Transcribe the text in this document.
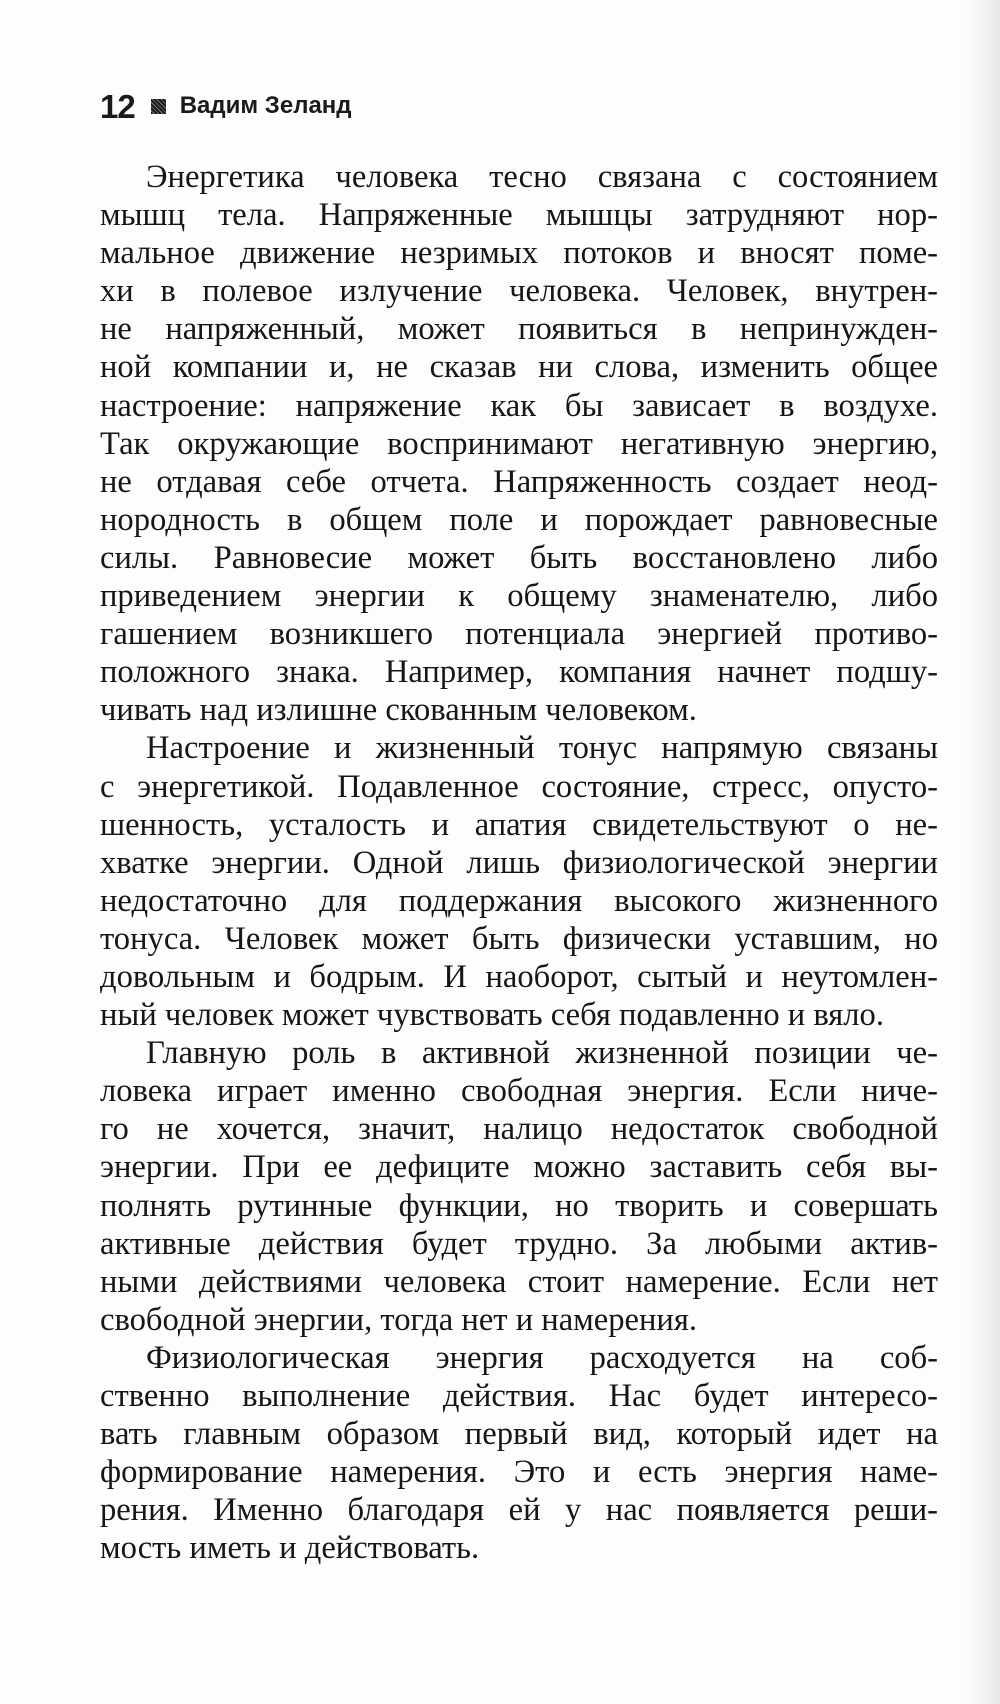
12 Вадим Зеланд
Энергетика человека тесно связана с состоянием
мышц тела. Напряженные мышцы затрудняют нор-
мальное движение незримых потоков и вносят поме-
хи в полевое излучение человека. Человек, внутрен-
не напряженный, может появиться в непринужден-
ной компании и, не сказав ни слова, изменить общее
настроение: напряжение как бы зависает в воздухе.
Так окружающие воспринимают негативную энергию,
не отдавая себе отчета. Напряженность создает неод-
нородность в общем поле и порождает равновесные
силы. Равновесие может быть восстановлено либо
приведением энергии к общему знаменателю, либо
гашением возникшего потенциала энергией противо-
положного знака. Например, компания начнет подшу-
чивать над излишне скованным человеком.
Настроение и жизненный тонус напрямую связаны
с энергетикой. Подавленное состояние, стресс, опусто-
шенность, усталость и апатия свидетельствуют о не-
хватке энергии. Одной лишь физиологической энергии
недостаточно для поддержания высокого жизненного
тонуса. Человек может быть физически уставшим, но
довольным и бодрым. И наоборот, сытый и неутомлен-
ный человек может чувствовать себя подавленно и вяло.
Главную роль в активной жизненной позиции че-
ловека играет именно свободная энергия. Если ниче-
го не хочется, значит, налицо недостаток свободной
энергии. При ее дефиците можно заставить себя вы-
полнять рутинные функции, но творить и совершать
активные действия будет трудно. За любыми актив-
ными действиями человека стоит намерение. Если нет
свободной энергии, тогда нет и намерения.
Физиологическая энергия расходуется на соб-
ственно выполнение действия. Нас будет интересо-
вать главным образом первый вид, который идет на
формирование намерения. Это и есть энергия наме-
рения. Именно благодаря ей у нас появляется реши-
мость иметь и действовать.
